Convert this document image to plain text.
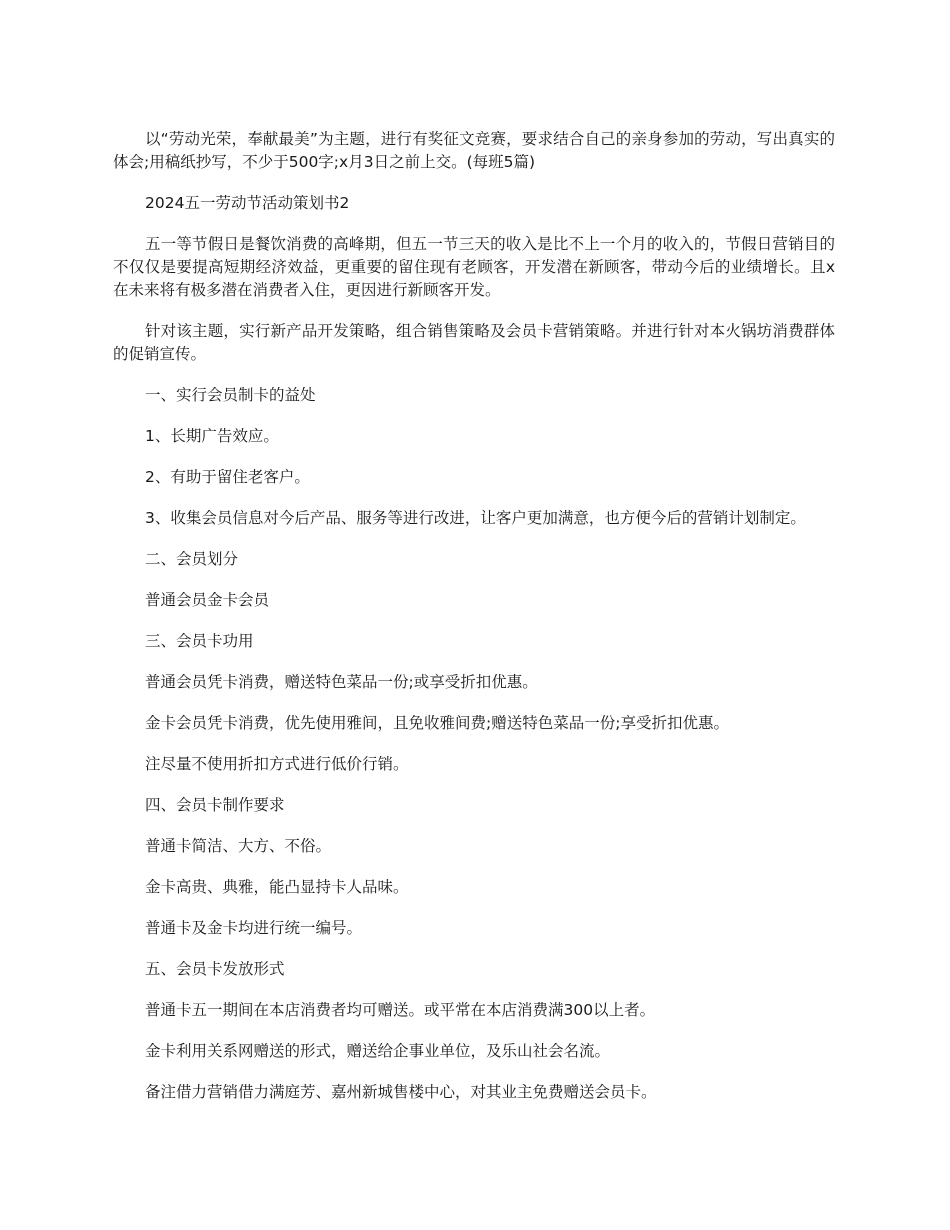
以“劳动光荣，奉献最美”为主题，进行有奖征文竞赛，要求结合自己的亲身参加的劳动，写出真实的体会;用稿纸抄写，不少于500字;x月3日之前上交。(每班5篇)

2024五一劳动节活动策划书2

五一等节假日是餐饮消费的高峰期，但五一节三天的收入是比不上一个月的收入的，节假日营销目的不仅仅是要提高短期经济效益，更重要的留住现有老顾客，开发潜在新顾客，带动今后的业绩增长。且x在未来将有极多潜在消费者入住，更因进行新顾客开发。

针对该主题，实行新产品开发策略，组合销售策略及会员卡营销策略。并进行针对本火锅坊消费群体的促销宣传。

一、实行会员制卡的益处

1、长期广告效应。

2、有助于留住老客户。

3、收集会员信息对今后产品、服务等进行改进，让客户更加满意，也方便今后的营销计划制定。

二、会员划分

普通会员金卡会员

三、会员卡功用

普通会员凭卡消费，赠送特色菜品一份;或享受折扣优惠。

金卡会员凭卡消费，优先使用雅间，且免收雅间费;赠送特色菜品一份;享受折扣优惠。

注尽量不使用折扣方式进行低价行销。

四、会员卡制作要求

普通卡简洁、大方、不俗。

金卡高贵、典雅，能凸显持卡人品味。

普通卡及金卡均进行统一编号。

五、会员卡发放形式

普通卡五一期间在本店消费者均可赠送。或平常在本店消费满300以上者。

金卡利用关系网赠送的形式，赠送给企事业单位，及乐山社会名流。

备注借力营销借力满庭芳、嘉州新城售楼中心，对其业主免费赠送会员卡。
